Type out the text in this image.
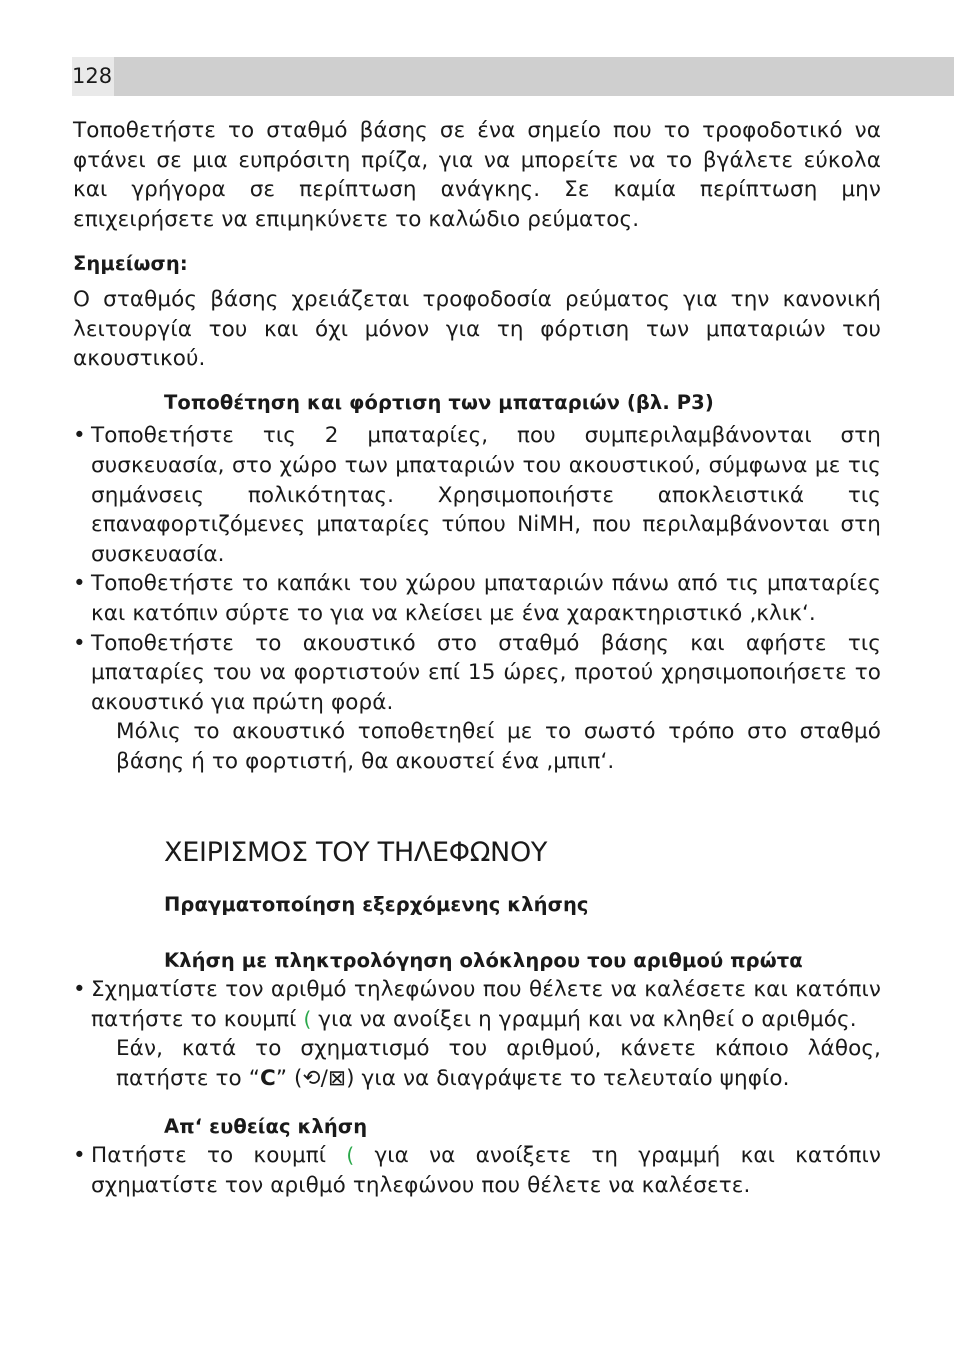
128

Τοποθετήστε το σταθμό βάσης σε ένα σημείο που το τροφοδοτικό να φτάνει σε μια ευπρόσιτη πρίζα, για να μπορείτε να το βγάλετε εύκολα και γρήγορα σε περίπτωση ανάγκης. Σε καμία περίπτωση μην επιχειρήσετε να επιμηκύνετε το καλώδιο ρεύματος.

Σημείωση:

Ο σταθμός βάσης χρειάζεται τροφοδοσία ρεύματος για την κανονική λειτουργία του και όχι μόνον για τη φόρτιση των μπαταριών του ακουστικού.

Τοποθέτηση και φόρτιση των μπαταριών (βλ. P3)

• Τοποθετήστε τις 2 μπαταρίες, που συμπεριλαμβάνονται στη συσκευασία, στο χώρο των μπαταριών του ακουστικού, σύμφωνα με τις σημάνσεις πολικότητας. Χρησιμοποιήστε αποκλειστικά τις επαναφορτιζόμενες μπαταρίες τύπου NiMH, που περιλαμβάνονται στη συσκευασία.
• Τοποθετήστε το καπάκι του χώρου μπαταριών πάνω από τις μπαταρίες και κατόπιν σύρτε το για να κλείσει με ένα χαρακτηριστικό ‚κλικ‘.
• Τοποθετήστε το ακουστικό στο σταθμό βάσης και αφήστε τις μπαταρίες του να φορτιστούν επί 15 ώρες, προτού χρησιμοποιήσετε το ακουστικό για πρώτη φορά.

Μόλις το ακουστικό τοποθετηθεί με το σωστό τρόπο στο σταθμό βάσης ή το φορτιστή, θα ακουστεί ένα ‚μπιπ‘.

ΧΕΙΡΙΣΜΟΣ ΤΟΥ ΤΗΛΕΦΩΝΟΥ

Πραγματοποίηση εξερχόμενης κλήσης

Κλήση με πληκτρολόγηση ολόκληρου του αριθμού πρώτα

• Σχηματίστε τον αριθμό τηλεφώνου που θέλετε να καλέσετε και κατόπιν πατήστε το κουμπί ( για να ανοίξει η γραμμή και να κληθεί ο αριθμός.

Εάν, κατά το σχηματισμό του αριθμού, κάνετε κάποιο λάθος, πατήστε το “C” (⟲/⊠) για να διαγράψετε το τελευταίο ψηφίο.

Απ‘ ευθείας κλήση

• Πατήστε το κουμπί ( για να ανοίξετε τη γραμμή και κατόπιν σχηματίστε τον αριθμό τηλεφώνου που θέλετε να καλέσετε.
